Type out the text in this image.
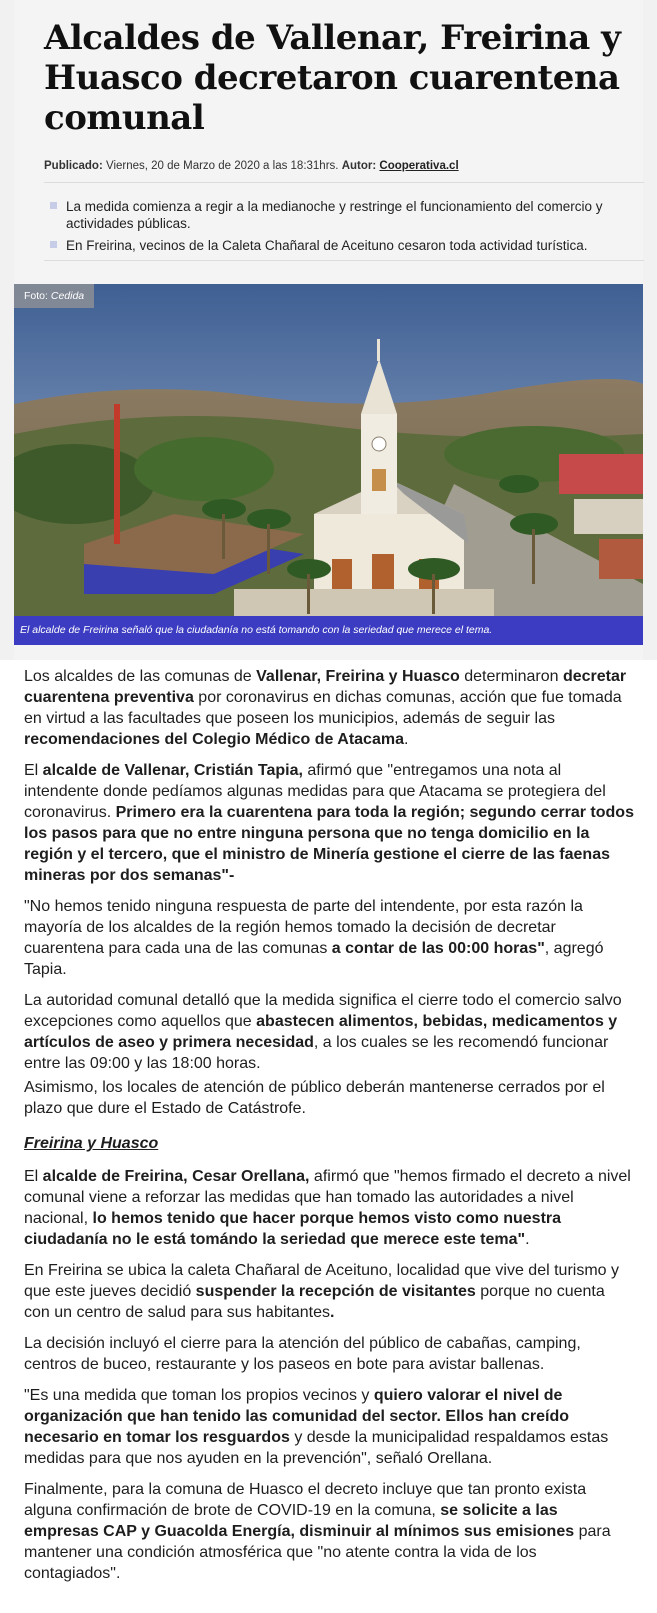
Alcaldes de Vallenar, Freirina y Huasco decretaron cuarentena comunal
Publicado: Viernes, 20 de Marzo de 2020 a las 18:31hrs. Autor: Cooperativa.cl
La medida comienza a regir a la medianoche y restringe el funcionamiento del comercio y actividades públicas.
En Freirina, vecinos de la Caleta Chañaral de Aceituno cesaron toda actividad turística.
Foto: Cedida
El alcalde de Freirina señaló que la ciudadanía no está tomando con la seriedad que merece el tema.

Los alcaldes de las comunas de Vallenar, Freirina y Huasco determinaron decretar cuarentena preventiva por coronavirus en dichas comunas, acción que fue tomada en virtud a las facultades que poseen los municipios, además de seguir las recomendaciones del Colegio Médico de Atacama.

El alcalde de Vallenar, Cristián Tapia, afirmó que "entregamos una nota al intendente donde pedíamos algunas medidas para que Atacama se protegiera del coronavirus. Primero era la cuarentena para toda la región; segundo cerrar todos los pasos para que no entre ninguna persona que no tenga domicilio en la región y el tercero, que el ministro de Minería gestione el cierre de las faenas mineras por dos semanas"-

"No hemos tenido ninguna respuesta de parte del intendente, por esta razón la mayoría de los alcaldes de la región hemos tomado la decisión de decretar cuarentena para cada una de las comunas a contar de las 00:00 horas", agregó Tapia.

La autoridad comunal detalló que la medida significa el cierre todo el comercio salvo excepciones como aquellos que abastecen alimentos, bebidas, medicamentos y artículos de aseo y primera necesidad, a los cuales se les recomendó funcionar entre las 09:00 y las 18:00 horas.

Asimismo, los locales de atención de público deberán mantenerse cerrados por el plazo que dure el Estado de Catástrofe.

Freirina y Huasco

El alcalde de Freirina, Cesar Orellana, afirmó que "hemos firmado el decreto a nivel comunal viene a reforzar las medidas que han tomado las autoridades a nivel nacional, lo hemos tenido que hacer porque hemos visto como nuestra ciudadanía no le está tomándo la seriedad que merece este tema".

En Freirina se ubica la caleta Chañaral de Aceituno, localidad que vive del turismo y que este jueves decidió suspender la recepción de visitantes porque no cuenta con un centro de salud para sus habitantes.

La decisión incluyó el cierre para la atención del público de cabañas, camping, centros de buceo, restaurante y los paseos en bote para avistar ballenas.

"Es una medida que toman los propios vecinos y quiero valorar el nivel de organización que han tenido las comunidad del sector. Ellos han creído necesario en tomar los resguardos y desde la municipalidad respaldamos estas medidas para que nos ayuden en la prevención", señaló Orellana.

Finalmente, para la comuna de Huasco el decreto incluye que tan pronto exista alguna confirmación de brote de COVID-19 en la comuna, se solicite a las empresas CAP y Guacolda Energía, disminuir al mínimos sus emisiones para mantener una condición atmosférica que "no atente contra la vida de los contagiados".
